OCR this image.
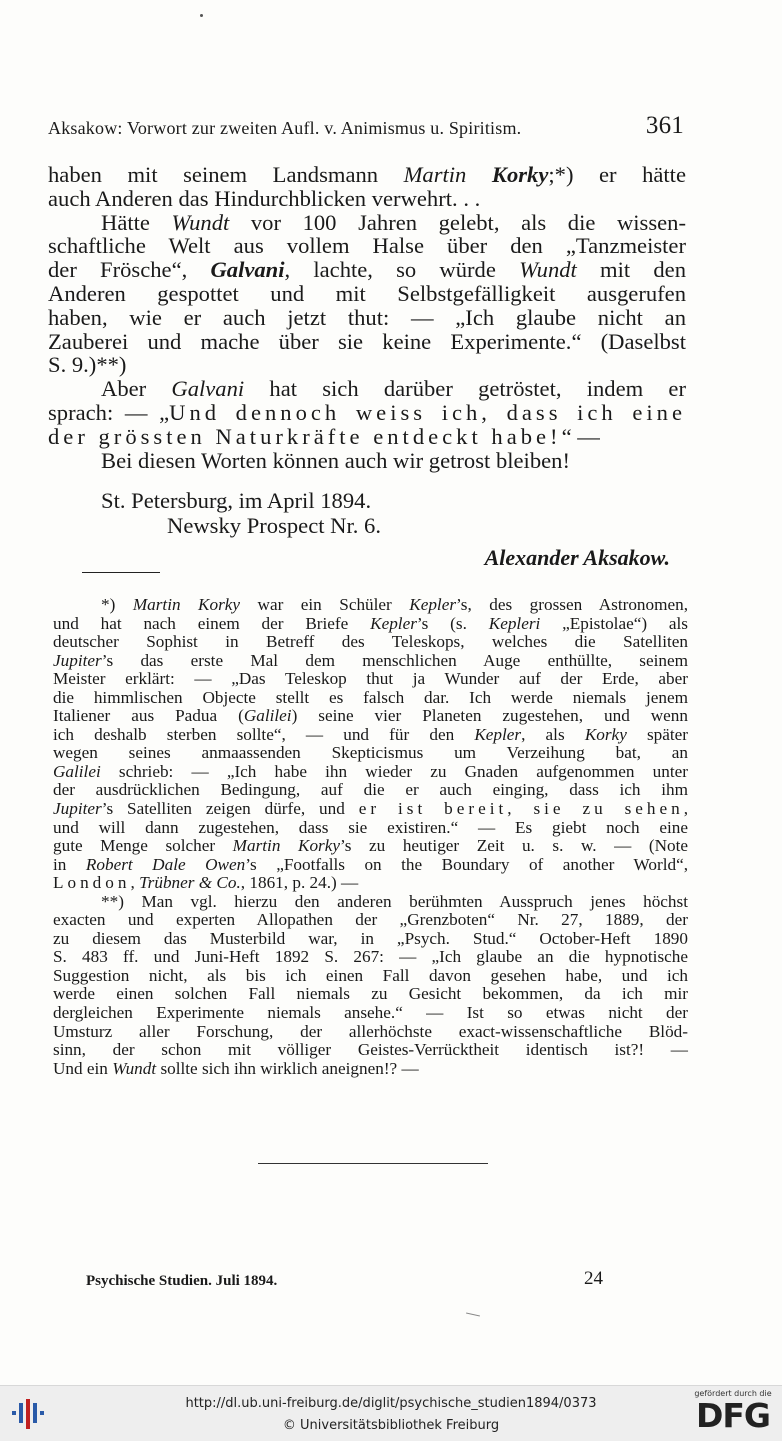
Aksakow: Vorwort zur zweiten Aufl. v. Animismus u. Spiritism.	361
haben mit seinem Landsmann Martin Korky;*) er hätte
auch Anderen das Hindurchblicken verwehrt. . .
Hätte Wundt vor 100 Jahren gelebt, als die wissen-
schaftliche Welt aus vollem Halse über den „Tanzmeister
der Frösche“, Galvani, lachte, so würde Wundt mit den
Anderen gespottet und mit Selbstgefälligkeit ausgerufen
haben, wie er auch jetzt thut: — „Ich glaube nicht an
Zauberei und mache über sie keine Experimente.“ (Daselbst
S. 9.)**)
Aber Galvani hat sich darüber getröstet, indem er
sprach: — „Und dennoch weiss ich, dass ich eine
der grössten Naturkräfte entdeckt habe!“ —
Bei diesen Worten können auch wir getrost bleiben!
St. Petersburg, im April 1894.
Newsky Prospect Nr. 6.
Alexander Aksakow.
*) Martin Korky war ein Schüler Kepler’s, des grossen Astronomen,
und hat nach einem der Briefe Kepler’s (s. Kepleri „Epistolae“) als
deutscher Sophist in Betreff des Teleskops, welches die Satelliten
Jupiter’s das erste Mal dem menschlichen Auge enthüllte, seinem
Meister erklärt: — „Das Teleskop thut ja Wunder auf der Erde, aber
die himmlischen Objecte stellt es falsch dar. Ich werde niemals jenem
Italiener aus Padua (Galilei) seine vier Planeten zugestehen, und wenn
ich deshalb sterben sollte“, — und für den Kepler, als Korky später
wegen seines anmaassenden Skepticismus um Verzeihung bat, an
Galilei schrieb: — „Ich habe ihn wieder zu Gnaden aufgenommen unter
der ausdrücklichen Bedingung, auf die er auch einging, dass ich ihm
Jupiter’s Satelliten zeigen dürfe, und er ist bereit, sie zu sehen,
und will dann zugestehen, dass sie existiren.“ — Es giebt noch eine
gute Menge solcher Martin Korky’s zu heutiger Zeit u. s. w. — (Note
in Robert Dale Owen’s „Footfalls on the Boundary of another World“,
London, Trübner & Co., 1861, p. 24.) —
**) Man vgl. hierzu den anderen berühmten Ausspruch jenes höchst
exacten und experten Allopathen der „Grenzboten“ Nr. 27, 1889, der
zu diesem das Musterbild war, in „Psych. Stud.“ October-Heft 1890
S. 483 ff. und Juni-Heft 1892 S. 267: — „Ich glaube an die hypnotische
Suggestion nicht, als bis ich einen Fall davon gesehen habe, und ich
werde einen solchen Fall niemals zu Gesicht bekommen, da ich mir
dergleichen Experimente niemals ansehe.“ — Ist so etwas nicht der
Umsturz aller Forschung, der allerhöchste exact-wissenschaftliche Blöd-
sinn, der schon mit völliger Geistes-Verrücktheit identisch ist?! —
Und ein Wundt sollte sich ihn wirklich aneignen!? —
Psychische Studien. Juli 1894.	24
http://dl.ub.uni-freiburg.de/diglit/psychische_studien1894/0373
© Universitätsbibliothek Freiburg
gefördert durch die
DFG
